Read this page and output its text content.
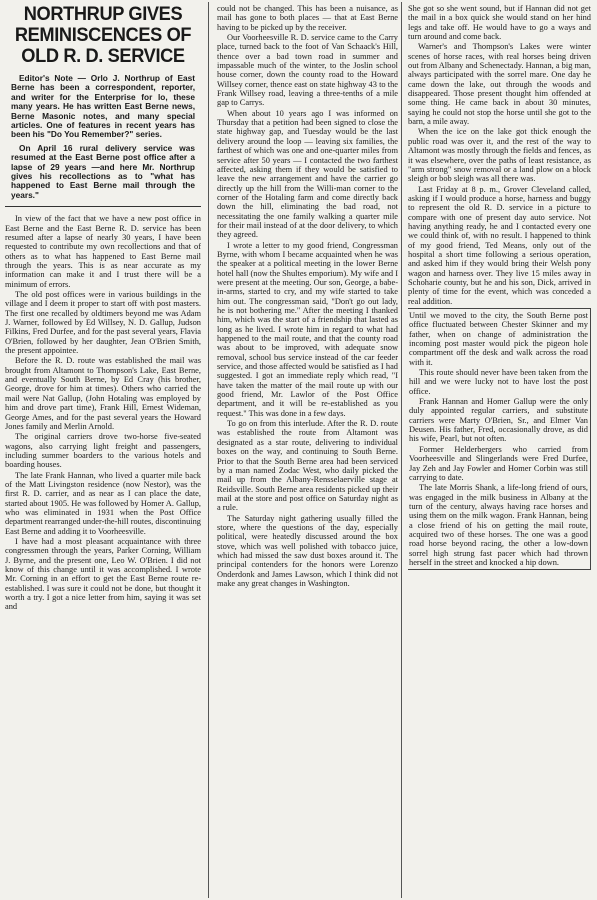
NORTHRUP GIVES
REMINISCENCES OF
OLD R. D. SERVICE

Editor's Note — Orlo J. Northrup of East Berne has been a correspondent, reporter, and writer for the Enterprise for lo, these many years. He has written East Berne news, Berne Masonic notes, and many special articles. One of features in recent years has been his "Do You Remember?" series.

On April 16 rural delivery service was resumed at the East Berne post office after a lapse of 29 years —and here Mr. Northrup gives his recollections as to "what has happened to East Berne mail through the years."

In view of the fact that we have a new post office in East Berne and the East Berne R. D. service has been resumed after a lapse of nearly 30 years, I have been requested to contribute my own recollections and that of others as to what has happened to East Berne mail through the years. This is as near accurate as my information can make it and I trust there will be a minimum of errors.

The old post offices were in various buildings in the village and I deem it proper to start off with post masters. The first one recalled by oldtimers beyond me was Adam J. Warner, followed by Ed Willsey, N. D. Gallup, Judson Filkins, Fred Durfee, and for the past several years, Flavia O'Brien, followed by her daughter, Jean O'Brien Smith, the present appointee.

Before the R. D. route was established the mail was brought from Altamont to Thompson's Lake, East Berne, and eventually South Berne, by Ed Cray (his brother, George, drove for him at times). Others who carried the mail were Nat Gallup, (John Hotaling was employed by him and drove part time), Frank Hill, Ernest Wideman, George Ames, and for the past several years the Howard Jones family and Merlin Arnold.

The original carriers drove two-horse five-seated wagons, also carrying light freight and passengers, including summer boarders to the various hotels and boarding houses.

The late Frank Hannan, who lived a quarter mile back of the Matt Livingston residence (now Nestor), was the first R. D. carrier, and as near as I can place the date, started about 1905. He was followed by Homer A. Gallup, who was eliminated in 1931 when the Post Office department rearranged under-the-hill routes, discontinuing East Berne and adding it to Voorheesville.

I have had a most pleasant acquaintance with three congressmen through the years, Parker Corning, William J. Byrne, and the present one, Leo W. O'Brien. I did not know of this change until it was accomplished. I wrote Mr. Corning in an effort to get the East Berne route re-established. I was sure it could not be done, but thought it worth a try. I got a nice letter from him, saying it was set and

could not be changed. This has been a nuisance, as mail has gone to both places — that at East Berne having to be picked up by the receiver.

Our Voorheesville R. D. service came to the Carry place, turned back to the foot of Van Schaack's Hill, thence over a bad town road in summer and impassable much of the winter, to the Joslin school house corner, down the county road to the Howard Willsey corner, thence east on state highway 43 to the Frank Willsey road, leaving a three-tenths of a mile gap to Carrys.

When about 10 years ago I was informed on Thursday that a petition had been signed to close the state highway gap, and Tuesday would be the last delivery around the loop — leaving six families, the farthest of which was one and one-quarter miles from service after 50 years — I contacted the two farthest affected, asking them if they would be satisfied to leave the new arrangement and have the carrier go directly up the hill from the Willi-man corner to the corner of the Hotaling farm and come directly back down the hill, eliminating the bad road, not necessitating the one family walking a quarter mile for their mail instead of at the door delivery, to which they agreed.

I wrote a letter to my good friend, Congressman Byrne, with whom I became acquainted when he was the speaker at a political meeting in the lower Berne hotel hall (now the Shultes emporium). My wife and I were present at the meeting. Our son, George, a babe-in-arms, started to cry, and my wife started to take him out. The congressman said, "Don't go out lady, he is not bothering me." After the meeting I thanked him, which was the start of a friendship that lasted as long as he lived. I wrote him in regard to what had happened to the mail route, and that the county road was about to be improved, with adequate snow removal, school bus service instead of the car feeder service, and those affected would be satisfied as I had suggested. I got an immediate reply which read, "I have taken the matter of the mail route up with our good friend, Mr. Lawlor of the Post Office department, and it will be re-established as you request." This was done in a few days.

To go on from this interlude. After the R. D. route was established the route from Altamont was designated as a star route, delivering to individual boxes on the way, and continuing to South Berne. Prior to that the South Berne area had been serviced by a man named Zodac West, who daily picked the mail up from the Albany-Rensselaerville stage at Reidsville. South Berne area residents picked up their mail at the store and post office on Saturday night as a rule.

The Saturday night gathering usually filled the store, where the questions of the day, especially political, were heatedly discussed around the box stove, which was well polished with tobacco juice, which had missed the saw dust boxes around it. The principal contenders for the honors were Lorenzo Onderdonk and James Lawson, which I think did not make any great changes in Washington.

She got so she went sound, but if Hannan did not get the mail in a box quick she would stand on her hind legs and take off. He would have to go a ways and turn around and come back.

Warner's and Thompson's Lakes were winter scenes of horse races, with real horses being driven out from Albany and Schenectady. Hannan, a big man, always participated with the sorrel mare. One day he came down the lake, out through the woods and disappeared. Those present thought him offended at some thing. He came back in about 30 minutes, saying he could not stop the horse until she got to the barn, a mile away.

When the ice on the lake got thick enough the public road was over it, and the rest of the way to Altamont was mostly through the fields and fences, as it was elsewhere, over the paths of least resistance, as "arm strong" snow removal or a land plow on a block sleigh or bob sleigh was all there was.

Last Friday at 8 p. m., Grover Cleveland called, asking if I would produce a horse, harness and buggy to represent the old R. D. service in a picture to compare with one of present day auto service. Not having anything ready, he and I contacted every one we could think of, with no result. I happened to think of my good friend, Ted Means, only out of the hospital a short time following a serious operation, and asked him if they would bring their Welsh pony wagon and harness over. They live 15 miles away in Schoharie county, but he and his son, Dick, arrived in plenty of time for the event, which was conceded a real addition.

Until we moved to the city, the South Berne post office fluctuated between Chester Skinner and my father, when on change of administration the incoming post master would pick the pigeon hole compartment off the desk and walk across the road with it.

This route should never have been taken from the hill and we were lucky not to have lost the post office.

Frank Hannan and Homer Gallup were the only duly appointed regular carriers, and substitute carriers were Marty O'Brien, Sr., and Elmer Van Deusen. His father, Fred, occasionally drove, as did his wife, Pearl, but not often.

Former Helderbergers who carried from Voorheesville and Slingerlands were Fred Durfee, Jay Zeh and Jay Fowler and Homer Corbin was still carrying to date.

The late Morris Shank, a life-long friend of ours, was engaged in the milk business in Albany at the turn of the century, always having race horses and using them on the milk wagon. Frank Hannan, being a close friend of his on getting the mail route, acquired two of these horses. The one was a good road horse beyond racing, the other a low-down sorrel high strung fast pacer which had thrown herself in the street and knocked a hip down.
